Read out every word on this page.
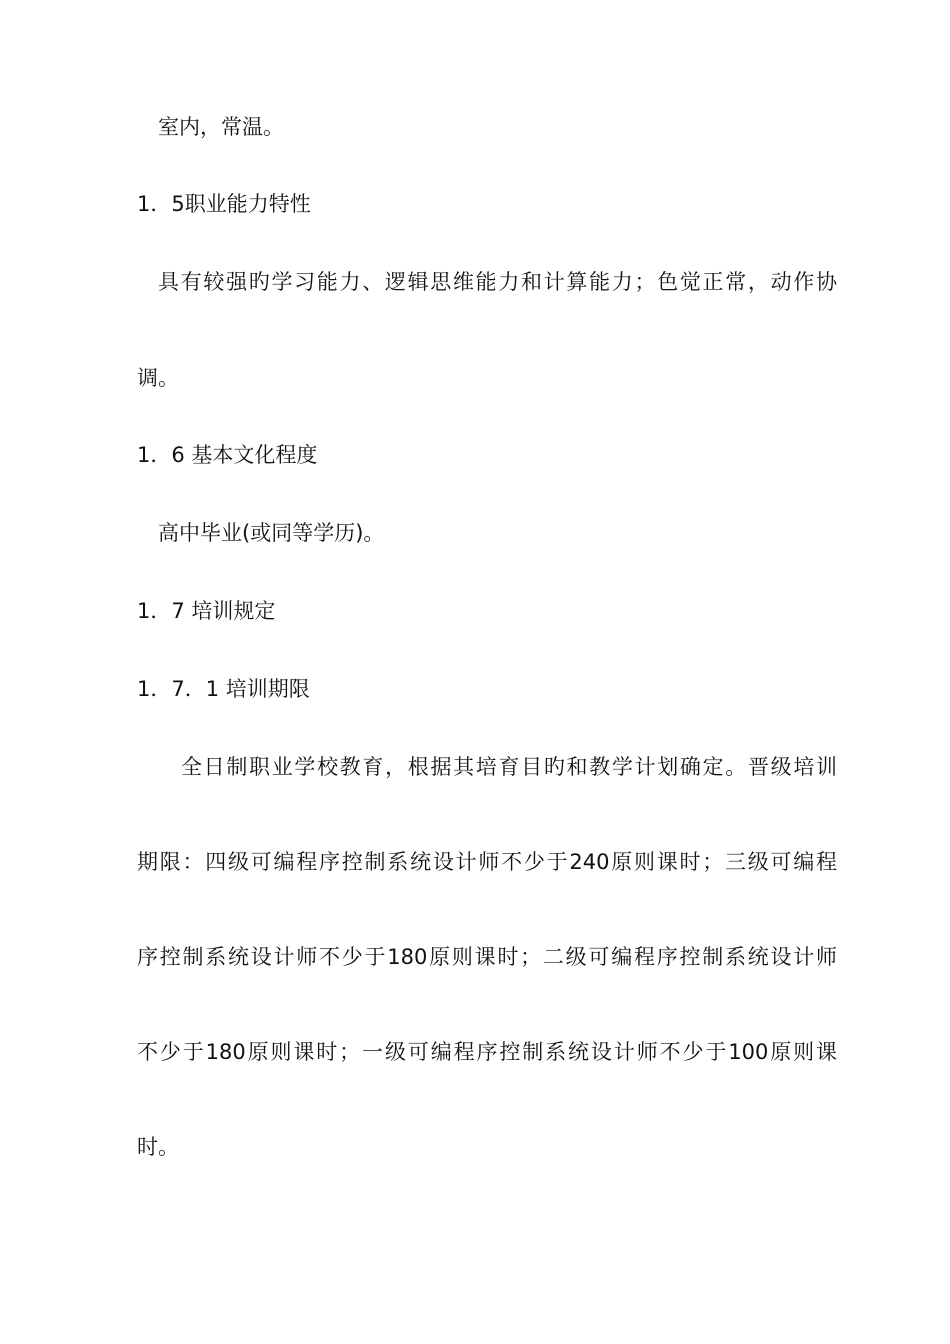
室内，常温。
1．5职业能力特性
具有较强旳学习能力、逻辑思维能力和计算能力；色觉正常，动作协
调。
1．6 基本文化程度
高中毕业(或同等学历)。
1．7 培训规定
1．7．1 培训期限
全日制职业学校教育，根据其培育目旳和教学计划确定。晋级培训
期限：四级可编程序控制系统设计师不少于240原则课时；三级可编程
序控制系统设计师不少于180原则课时；二级可编程序控制系统设计师
不少于180原则课时；一级可编程序控制系统设计师不少于100原则课
时。
